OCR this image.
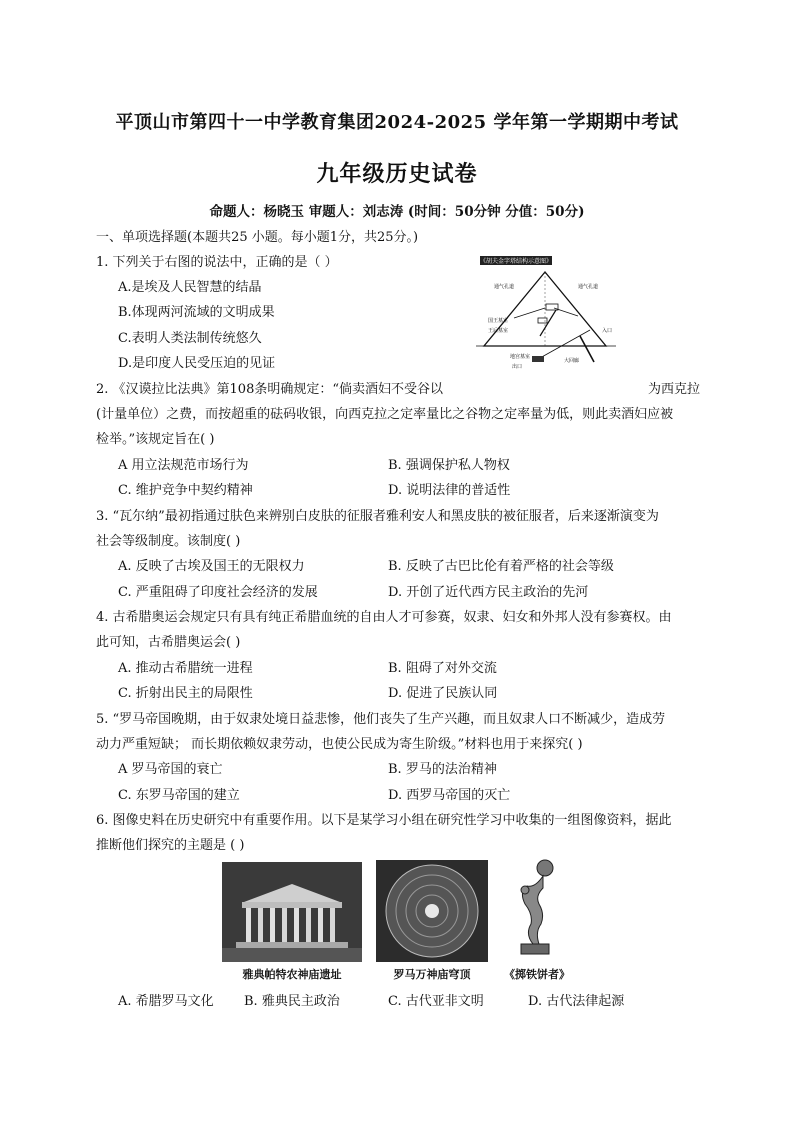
平顶山市第四十一中学教育集团2024-2025 学年第一学期期中考试
九年级历史试卷
命题人：杨晓玉 审题人：刘志涛 (时间：50分钟 分值：50分)
一、单项选择题(本题共25 小题。每小题1分，共25分。)
1. 下列关于右图的说法中，正确的是（ ）
A.是埃及人民智慧的结晶
B.体现两河流域的文明成果
C.表明人类法制传统悠久
D.是印度人民受压迫的见证
《胡夫金字塔结构示意图》
通气孔道	通气孔道
国王墓室
王后墓室	入口
地宫墓室
出口
大回廊
2. 《汉谟拉比法典》第108条明确规定：“倘卖酒妇不受谷以	为西克拉
(计量单位）之费，而按超重的砝码收银，向西克拉之定率量比之谷物之定率量为低，则此卖酒妇应被
检举。”该规定旨在( )
A 用立法规范市场行为	B. 强调保护私人物权
C. 维护竞争中契约精神	D. 说明法律的普适性
3. “瓦尔纳”最初指通过肤色来辨别白皮肤的征服者雅利安人和黑皮肤的被征服者，后来逐渐演变为
社会等级制度。该制度( )
A. 反映了古埃及国王的无限权力	B. 反映了古巴比伦有着严格的社会等级
C. 严重阻碍了印度社会经济的发展	D. 开创了近代西方民主政治的先河
4. 古希腊奥运会规定只有具有纯正希腊血统的自由人才可参赛，奴隶、妇女和外邦人没有参赛权。由
此可知，古希腊奥运会( )
A. 推动古希腊统一进程	B. 阻碍了对外交流
C. 折射出民主的局限性	D. 促进了民族认同
5. “罗马帝国晚期，由于奴隶处境日益悲惨，他们丧失了生产兴趣，而且奴隶人口不断减少，造成劳
动力严重短缺； 而长期依赖奴隶劳动，也使公民成为寄生阶级。”材料也用于来探究( )
A 罗马帝国的衰亡	B. 罗马的法治精神
C. 东罗马帝国的建立	D. 西罗马帝国的灭亡
6. 图像史料在历史研究中有重要作用。以下是某学习小组在研究性学习中收集的一组图像资料，据此
推断他们探究的主题是 ( )
雅典帕特农神庙遗址	罗马万神庙穹顶	《掷铁饼者》
A. 希腊罗马文化 B. 雅典民主政治	C. 古代亚非文明	D. 古代法律起源
